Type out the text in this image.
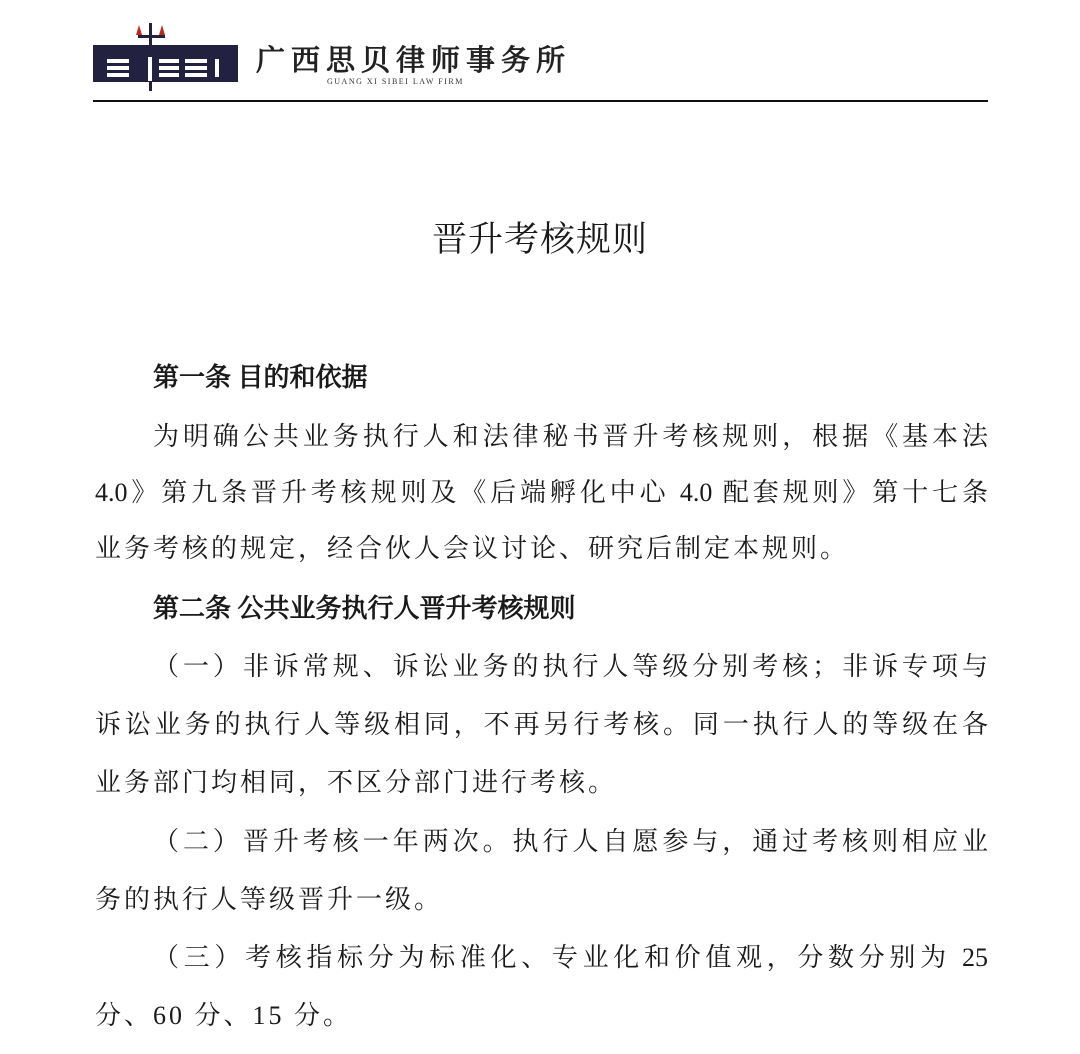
广西思贝律师事务所
GUANG XI SIBEI LAW FIRM
晋升考核规则
第一条 目的和依据
为明确公共业务执行人和法律秘书晋升考核规则，根据《基本法
4.0》第九条晋升考核规则及《后端孵化中心 4.0 配套规则》第十七条
业务考核的规定，经合伙人会议讨论、研究后制定本规则。
第二条 公共业务执行人晋升考核规则
（一）非诉常规、诉讼业务的执行人等级分别考核；非诉专项与
诉讼业务的执行人等级相同，不再另行考核。同一执行人的等级在各
业务部门均相同，不区分部门进行考核。
（二）晋升考核一年两次。执行人自愿参与，通过考核则相应业
务的执行人等级晋升一级。
（三）考核指标分为标准化、专业化和价值观，分数分别为 25
分、60 分、15 分。
